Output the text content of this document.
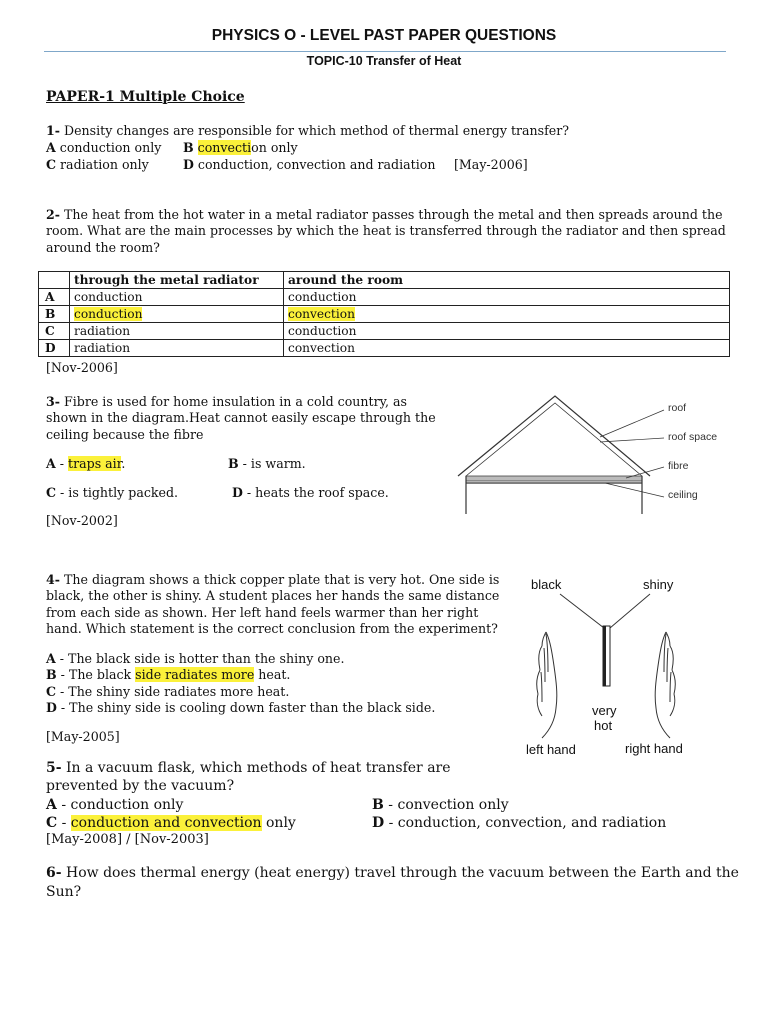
PHYSICS O - LEVEL PAST PAPER QUESTIONS
TOPIC-10 Transfer of Heat
PAPER-1 Multiple Choice
1- Density changes are responsible for which method of thermal energy transfer?
A conduction only B convection only
C radiation only	D conduction, convection and radiation [May-2006]
2- The heat from the hot water in a metal radiator passes through the metal and then spreads around the
room. What are the main processes by which the heat is transferred through the radiator and then spread
around the room?
	through the metal radiator	around the room
A	conduction	conduction
B	conduction	convection
C	radiation	conduction
D	radiation	convection
[Nov-2006]
3- Fibre is used for home insulation in a cold country, as
shown in the diagram.Heat cannot easily escape through the
ceiling because the fibre
A - traps air.	B - is warm.
C - is tightly packed.	D - heats the roof space.
[Nov-2002]
roof
roof space
fibre
ceiling
4- The diagram shows a thick copper plate that is very hot. One side is
black, the other is shiny. A student places her hands the same distance
from each side as shown. Her left hand feels warmer than her right
hand. Which statement is the correct conclusion from the experiment?
A - The black side is hotter than the shiny one.
B - The black side radiates more heat.
C - The shiny side radiates more heat.
D - The shiny side is cooling down faster than the black side.
[May-2005]
black	shiny
very
hot
left hand	right hand
5- In a vacuum flask, which methods of heat transfer are
prevented by the vacuum?
A - conduction only	B - convection only
C - conduction and convection only	D - conduction, convection, and radiation
[May-2008] / [Nov-2003]
6- How does thermal energy (heat energy) travel through the vacuum between the Earth and the
Sun?
